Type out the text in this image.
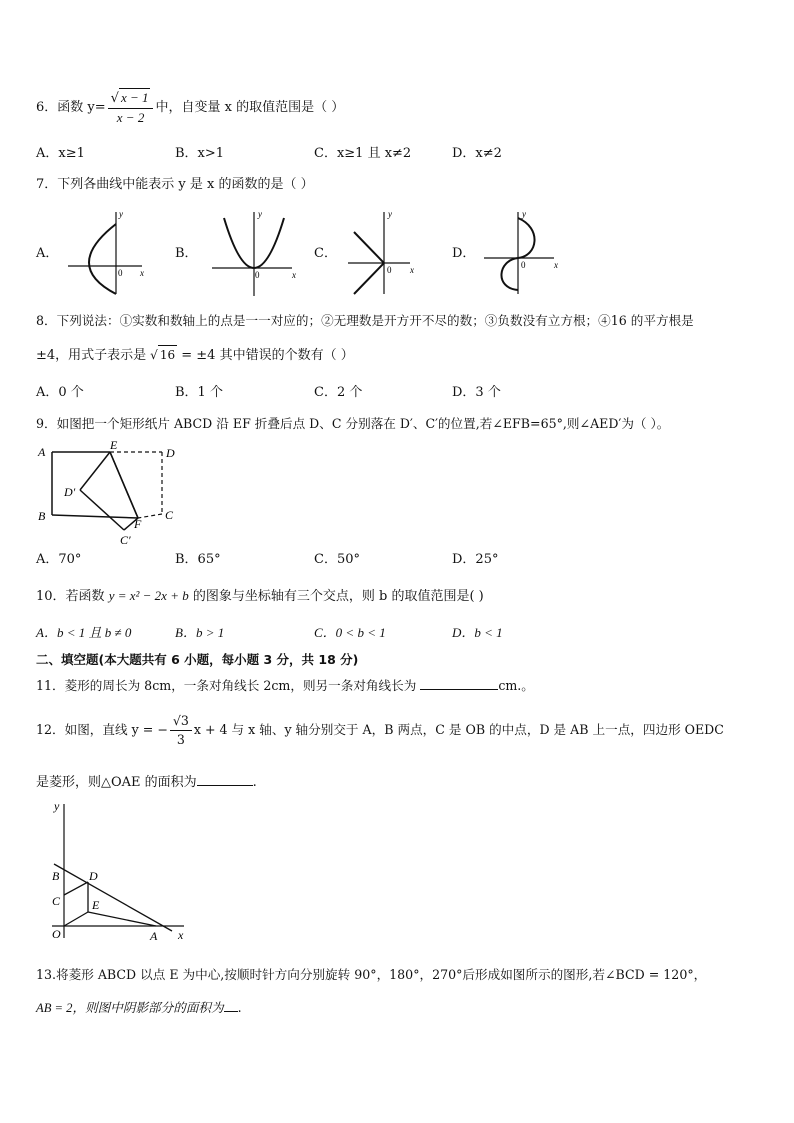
6．函数 $y= \frac{√ x - 1}{x - 2}$ 中，自变量 x 的取值范围是（ ）
A．x≥1	B．x>1	C．x≥1 且 x≠2	D．x≠2
7．下列各曲线中能表示 y 是 x 的函数的是（ ）
A．	B．	C．	D．
y
x
0
y
x
0
y
x
0
y
x
0
8．下列说法：①实数和数轴上的点是一一对应的；②无理数是开方开不尽的数；③负数没有立方根；④16 的平方根是
±4，用式子表示是 √ 16 = ±4 其中错误的个数有（ ）
A．0 个	B．1 个	C．2 个	D．3 个
9．如图把一个矩形纸片 ABCD 沿 EF 折叠后点 D、C 分别落在 D′、C′的位置,若∠EFB=65°,则∠AED′为（ ）。
A	E
D
D′
B
F
C
C′
A．70°	B．65°	C．50°	D．25°
10．若函数 y = x² − 2x + b 的图象与坐标轴有三个交点，则 b 的取值范围是( )
A．b < 1 且 b ≠ 0	B．b > 1	C．0 < b < 1	D．b < 1
二、填空题(本大题共有 6 小题，每小题 3 分，共 18 分)
11．菱形的周长为 8cm，一条对角线长 2cm，则另一条对角线长为	cm.。
12．如图，直线 y = − $\frac{√3}{3}$ x + 4 与 x 轴、y 轴分别交于 A，B 两点，C 是 OB 的中点，D 是 AB 上一点，四边形 OEDC
是菱形，则△OAE 的面积为	.
y
x
B D
C	E
O	A
13.将菱形 ABCD 以点 E 为中心,按顺时针方向分别旋转 90°，180°，270°后形成如图所示的图形,若∠BCD = 120°，
AB = 2，则图中阴影部分的面积为 .
